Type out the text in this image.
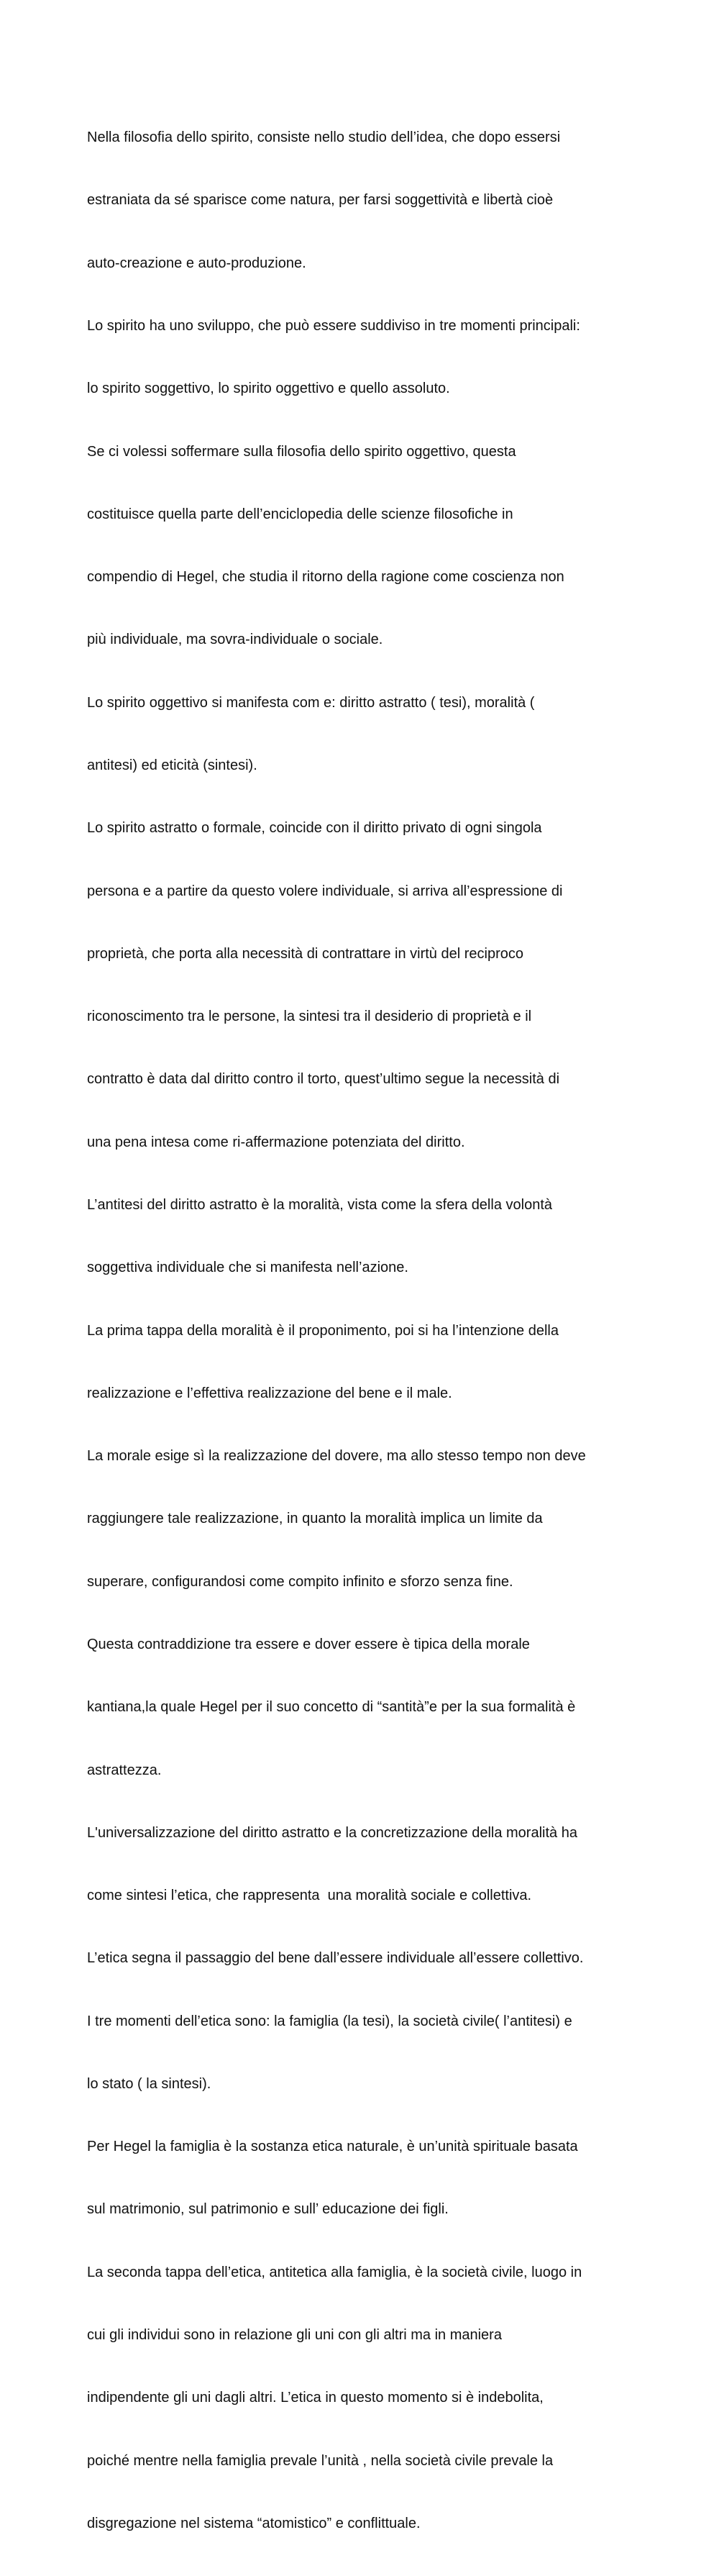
Nella filosofia dello spirito, consiste nello studio dell’idea, che dopo essersi

estraniata da sé sparisce come natura, per farsi soggettività e libertà cioè

auto-creazione e auto-produzione.

Lo spirito ha uno sviluppo, che può essere suddiviso in tre momenti principali:

lo spirito soggettivo, lo spirito oggettivo e quello assoluto.

Se ci volessi soffermare sulla filosofia dello spirito oggettivo, questa

costituisce quella parte dell’enciclopedia delle scienze filosofiche in

compendio di Hegel, che studia il ritorno della ragione come coscienza non

più individuale, ma sovra-individuale o sociale.

Lo spirito oggettivo si manifesta com e: diritto astratto ( tesi), moralità (

antitesi) ed eticità (sintesi).

Lo spirito astratto o formale, coincide con il diritto privato di ogni singola

persona e a partire da questo volere individuale, si arriva all’espressione di

proprietà, che porta alla necessità di contrattare in virtù del reciproco

riconoscimento tra le persone, la sintesi tra il desiderio di proprietà e il

contratto è data dal diritto contro il torto, quest’ultimo segue la necessità di

una pena intesa come ri-affermazione potenziata del diritto.

L’antitesi del diritto astratto è la moralità, vista come la sfera della volontà

soggettiva individuale che si manifesta nell’azione.

La prima tappa della moralità è il proponimento, poi si ha l’intenzione della

realizzazione e l’effettiva realizzazione del bene e il male.

La morale esige sì la realizzazione del dovere, ma allo stesso tempo non deve

raggiungere tale realizzazione, in quanto la moralità implica un limite da

superare, configurandosi come compito infinito e sforzo senza fine.

Questa contraddizione tra essere e dover essere è tipica della morale

kantiana,la quale Hegel per il suo concetto di “santità”e per la sua formalità è

astrattezza.

L'universalizzazione del diritto astratto e la concretizzazione della moralità ha

come sintesi l’etica, che rappresenta  una moralità sociale e collettiva.

L’etica segna il passaggio del bene dall’essere individuale all’essere collettivo.

I tre momenti dell’etica sono: la famiglia (la tesi), la società civile( l’antitesi) e

lo stato ( la sintesi).

Per Hegel la famiglia è la sostanza etica naturale, è un’unità spirituale basata

sul matrimonio, sul patrimonio e sull’ educazione dei figli.

La seconda tappa dell’etica, antitetica alla famiglia, è la società civile, luogo in

cui gli individui sono in relazione gli uni con gli altri ma in maniera

indipendente gli uni dagli altri. L’etica in questo momento si è indebolita,

poiché mentre nella famiglia prevale l’unità , nella società civile prevale la

disgregazione nel sistema “atomistico” e conflittuale.
